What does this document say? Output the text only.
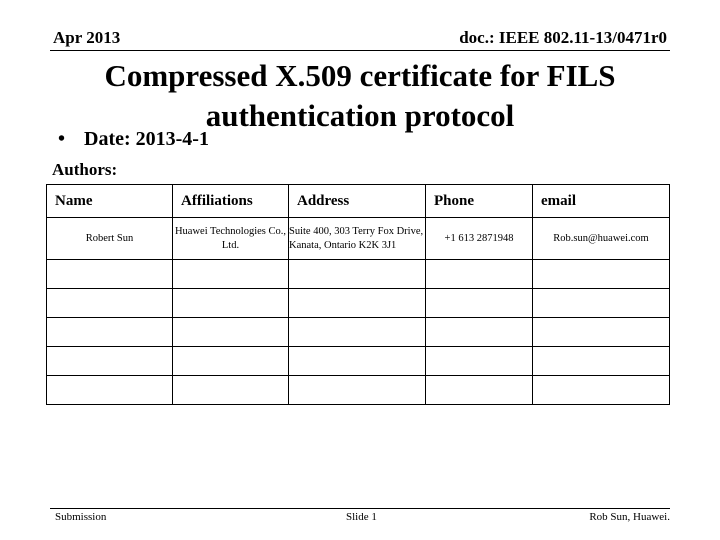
Apr 2013	doc.: IEEE 802.11-13/0471r0
Compressed X.509 certificate for FILS
authentication protocol
• Date: 2013-4-1
Authors:
Name	Affiliations	Address	Phone	email
Robert Sun	Huawei Technologies Co., Ltd.	Suite 400, 303 Terry Fox Drive, Kanata, Ontario K2K 3J1	+1 613 2871948	Rob.sun@huawei.com

Submission	Slide 1	Rob Sun, Huawei.
